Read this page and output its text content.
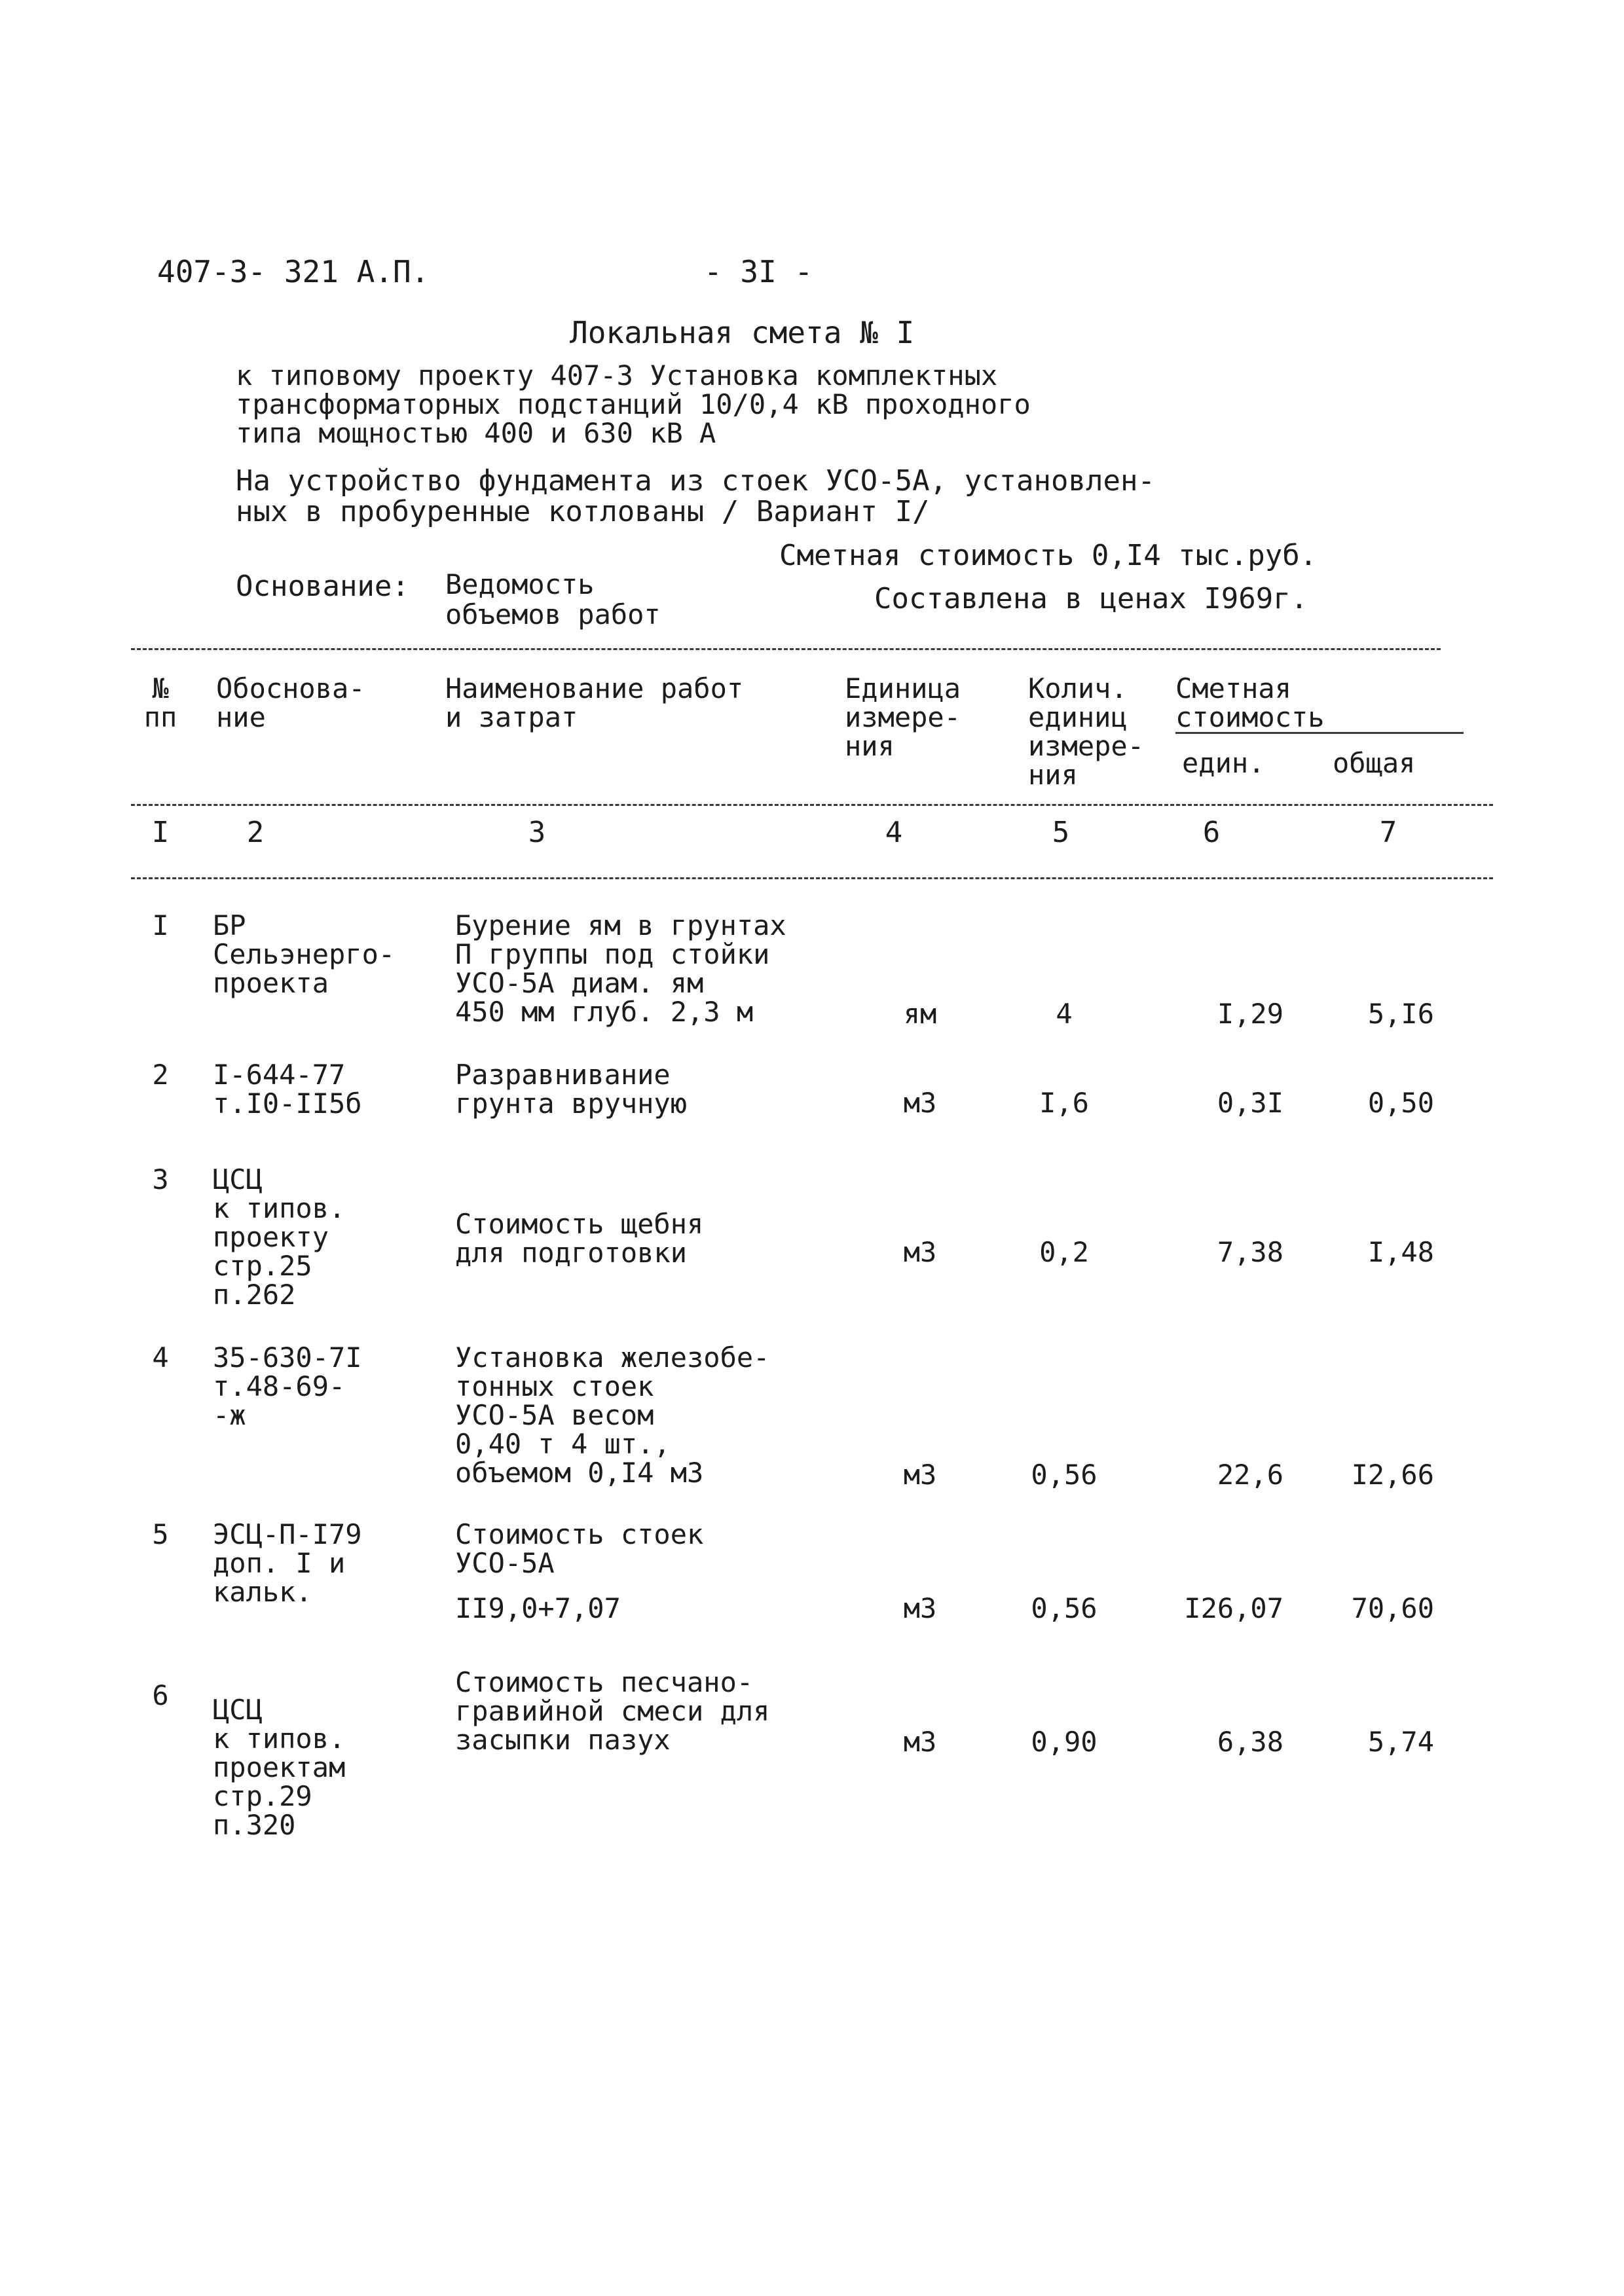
407-3- 321 А.П.	- 3I -
Локальная смета № I
к типовому проекту 407-3 Установка комплектных
трансформаторных подстанций 10/0,4 кВ проходного
типа мощностью 400 и 630 кВ А
На устройство фундамента из стоек УСО-5А, установлен-
ных в пробуренные котлованы / Вариант I/
Сметная стоимость 0,I4 тыс.руб.
Основание: Ведомость
объемов работ	Составлена в ценах I969г.
№
пп
Обоснова-
ние
Наименование работ
и затрат
Единица
измере-
ния
Колич.
единиц
измере-
ния
Сметная
стоимость
един. общая
I	2	3	4	5	6	7
I	БР
Сельэнерго-
проекта
Бурение ям в грунтах
П группы под стойки
УСО-5А диам. ям
450 мм глуб. 2,3 м	ям	4	I,29	5,I6
2	I-644-77
т.I0-II5б
Разравнивание
грунта вручную	м3	I,6	0,3I	0,50
3	ЦСЦ
к типов.
проекту
стр.25
п.262
Стоимость щебня
для подготовки	м3	0,2	7,38	I,48
4	35-630-7I
т.48-69-
-ж
Установка железобе-
тонных стоек
УСО-5А весом
0,40 т 4 шт.,
объемом 0,I4 м3	м3	0,56	22,6	I2,66
5	ЭСЦ-П-I79
доп. I и
кальк.
Стоимость стоек
УСО-5А
II9,0+7,07	м3	0,56	I26,07	70,60
6	ЦСЦ
к типов.
проектам
стр.29
п.320
Стоимость песчано-
гравийной смеси для
засыпки пазух	м3	0,90	6,38	5,74
